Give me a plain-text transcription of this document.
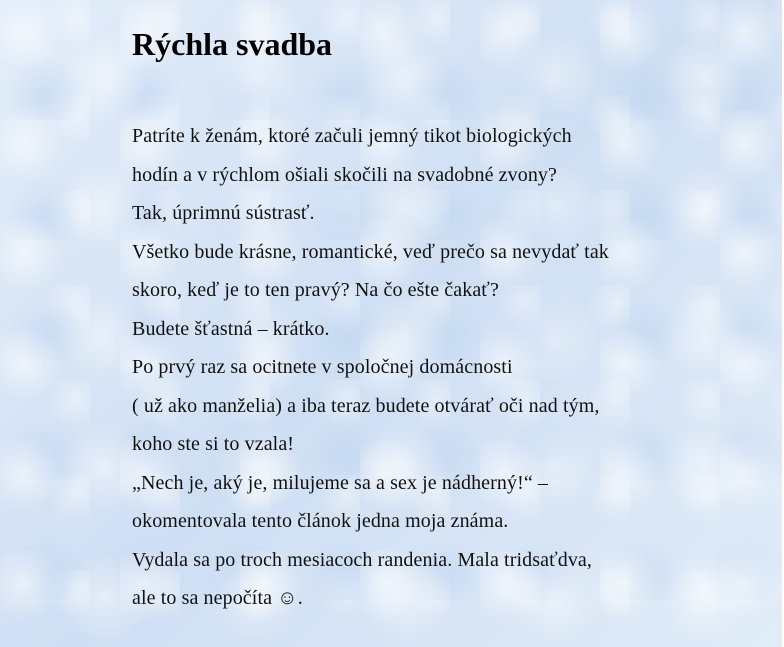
Rýchla svadba
Patríte k ženám, ktoré začuli jemný tikot biologických
hodín a v rýchlom ošiali skočili na svadobné zvony?
Tak, úprimnú sústrasť.
Všetko bude krásne, romantické, veď prečo sa nevydať tak
skoro, keď je to ten pravý? Na čo ešte čakať?
Budete šťastná – krátko.
Po prvý raz sa ocitnete v spoločnej domácnosti
( už ako manželia) a iba teraz budete otvárať oči nad tým,
koho ste si to vzala!
„Nech je, aký je, milujeme sa a sex je nádherný!“ –
okomentovala tento článok jedna moja známa.
Vydala sa po troch mesiacoch randenia. Mala tridsaťdva,
ale to sa nepočíta ☺.
